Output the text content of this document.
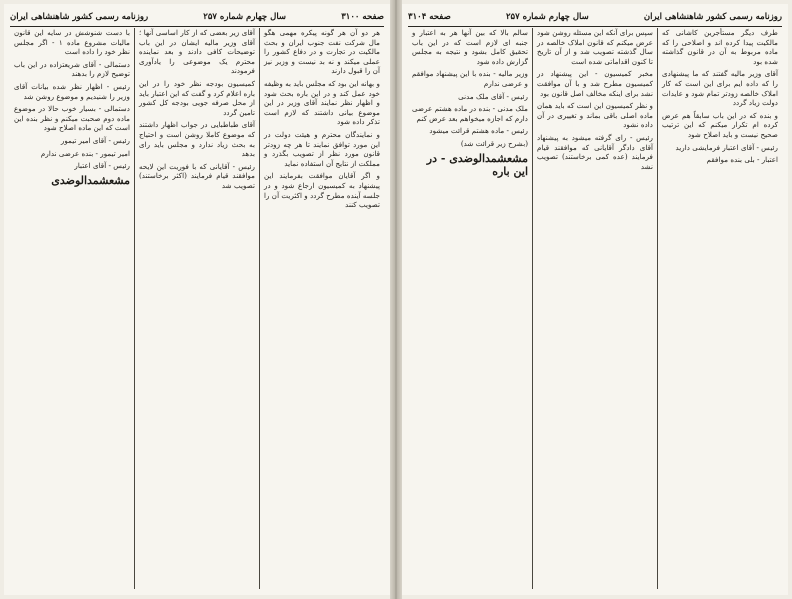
صفحه ۳۱۰۰
سال چهارم شماره ۲۵۷
روزنامه رسمی کشور شاهنشاهی ایران

هر دو آن هر گونه پیکره مهمی هگو مال شرکت نفت جنوب ایران و بحث مالکیت در تجارت و در دفاع کشور را عملی میکند و نه بد نیست و وزیر نیز آن را قبول دارند

و بهانه این بود که مجلس باید به وظیفه خود عمل کند و در این باره بحث شود و اظهار نظر نمایند آقای وزیر در این موضوع بیانی داشتند که لازم است تذکر داده شود

و نمایندگان محترم و هیئت دولت در این مورد توافق نمایند تا هر چه زودتر قانون مورد نظر از تصویب بگذرد و مملکت از نتایج آن استفاده نماید

و اگر آقایان موافقت بفرمایند این پیشنهاد به کمیسیون ارجاع شود و در جلسه آینده مطرح گردد و اکثریت آن را تصویب کنند

آقای زیر بعضی که از کار اساسی آنها ؛ آقای وزیر مالیه ایشان در این باب توضیحات کافی دادند و بعد نماینده محترم یک موضوعی را یادآوری فرمودند

کمیسیون بودجه نظر خود را در این باره اعلام کرد و گفت که این اعتبار باید از محل صرفه جویی بودجه کل کشور تامین گردد

آقای طباطبایی در جواب اظهار داشتند که موضوع کاملا روشن است و احتیاج به بحث زیاد ندارد و مجلس باید رای بدهد

رئیس - آقایانی که با فوریت این لایحه موافقند قیام فرمایند (اکثر برخاستند) تصویب شد

با دست شنوشش در سایه این قانون مالیات مشروع ماده ۱ - اگر مجلس نظر خود را داده است

دستمالی - آقای شریعتزاده در این باب توضیح لازم را بدهند

رئیس - اظهار نظر شده بیانات آقای وزیر را شنیدیم و موضوع روشن شد

دستمالی - بسیار خوب حالا در موضوع ماده دوم صحبت میکنم و نظر بنده این است که این ماده اصلاح شود

رئیس - آقای امیر تیمور

امیر تیمور - بنده عرضی ندارم

رئیس - آقای اعتبار

مشعشمدالوضدی
روزنامه رسمی کشور شاهنشاهی ایران
سال چهارم شماره ۲۵۷
صفحه ۳۱۰۴

طرف دیگر مستأجرین کاشانی که مالکیت پیدا کرده اند و اصلاحی را که ماده مربوط به آن در قانون گذاشته شده بود

آقای وزیر مالیه گفتند که ما پیشنهادی را که داده ایم برای این است که کار املاک خالصه زودتر تمام شود و عایدات دولت زیاد گردد

و بنده که در این باب سابقاً هم عرض کرده ام تکرار میکنم که این ترتیب صحیح نیست و باید اصلاح شود

رئیس - آقای اعتبار فرمایشی دارید

اعتبار - بلی بنده موافقم

سپس برای آنکه این مسئله روشن شود عرض میکنم که قانون املاک خالصه در سال گذشته تصویب شد و از آن تاریخ تا کنون اقداماتی شده است

مخبر کمیسیون - این پیشنهاد در کمیسیون مطرح شد و با آن موافقت نشد برای اینکه مخالف اصل قانون بود

و نظر کمیسیون این است که باید همان ماده اصلی باقی بماند و تغییری در آن داده نشود

رئیس - رای گرفته میشود به پیشنهاد آقای دادگر آقایانی که موافقند قیام فرمایند (عده کمی برخاستند) تصویب نشد

سالم بالا که بین آنها هر به اعتبار و جنبه ای لازم است که در این باب تحقیق کامل بشود و نتیجه به مجلس گزارش داده شود

وزیر مالیه - بنده با این پیشنهاد موافقم و عرضی ندارم

رئیس - آقای ملک مدنی

ملک مدنی - بنده در ماده هشتم عرضی دارم که اجازه میخواهم بعد عرض کنم

رئیس - ماده هشتم قرائت میشود

(بشرح زیر قرائت شد)

مشعشمدالوضدی - در این باره
